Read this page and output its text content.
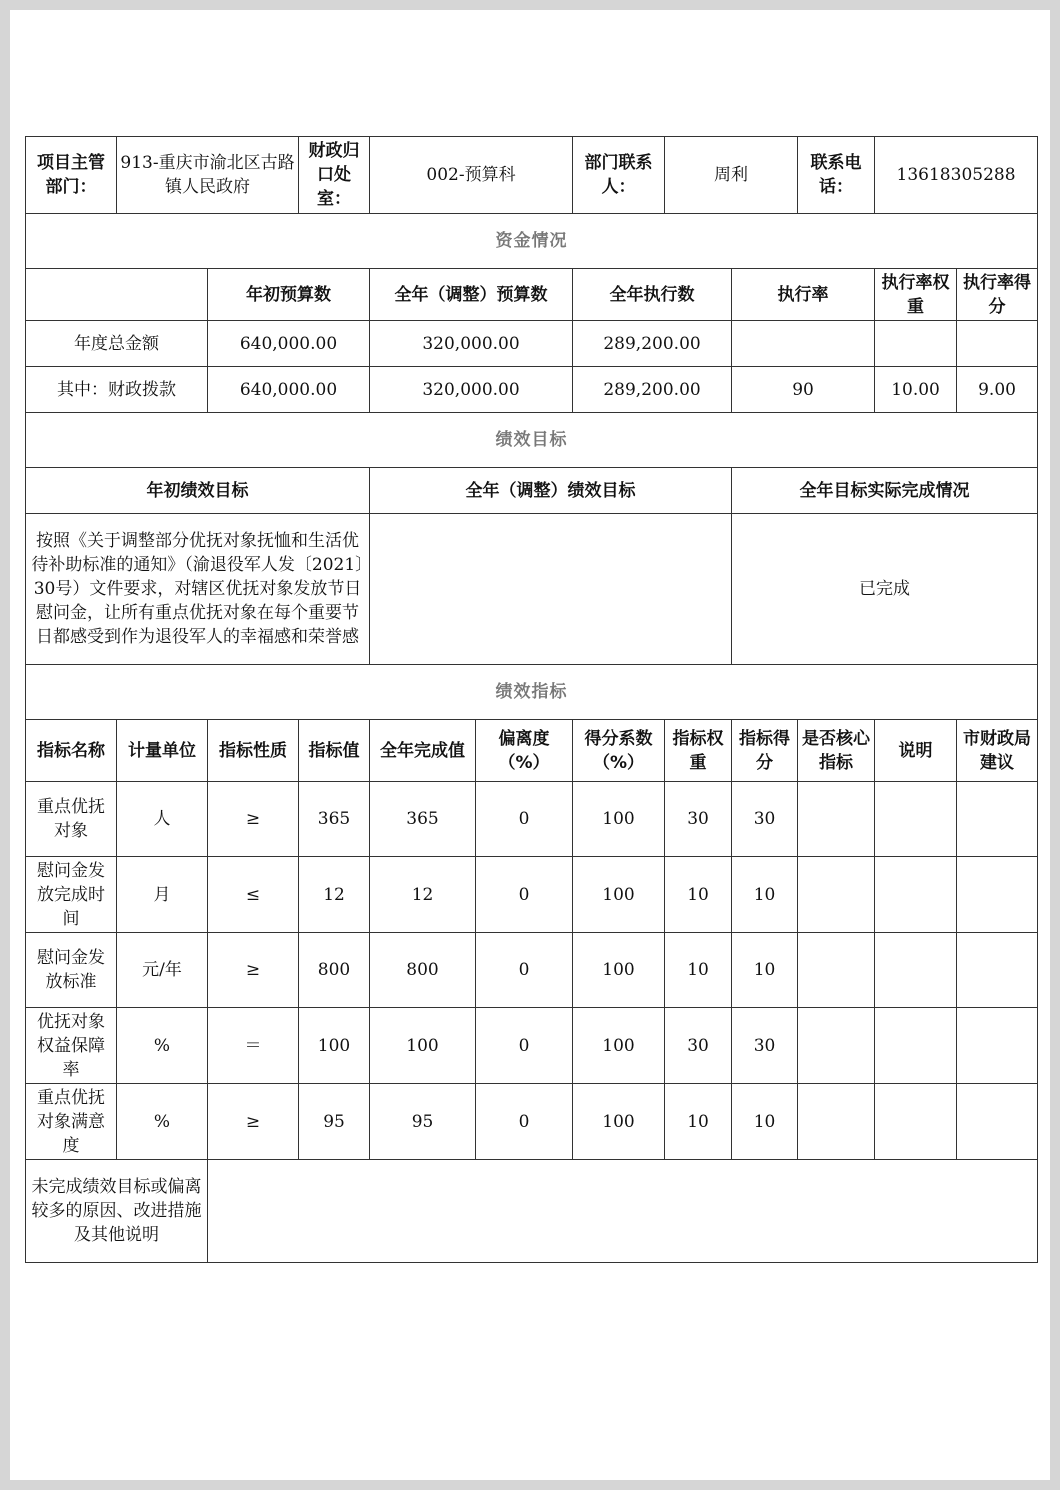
项目主管部门：	913-重庆市渝北区古路镇人民政府		财政归口处室：	002-预算科		部门联系人：	周利		联系电话：	13618305288	
资金情况											
		年初预算数		全年（调整）预算数		全年执行数		执行率		执行率权重	执行率得分
年度总金额		640,000.00		320,000.00		289,200.00					
其中：财政拨款		640,000.00		320,000.00		289,200.00		90		10.00	9.00
绩效目标											
年初绩效目标				全年（调整）绩效目标				全年目标实际完成情况			
按照《关于调整部分优抚对象抚恤和生活优待补助标准的通知》（渝退役军人发〔2021〕30号）文件要求，对辖区优抚对象发放节日慰问金，让所有重点优抚对象在每个重要节日都感受到作为退役军人的幸福感和荣誉感								已完成			
绩效指标											
指标名称	计量单位	指标性质	指标值	全年完成值	偏离度（%）	得分系数（%）	指标权重	指标得分	是否核心指标	说明	市财政局建议
重点优抚对象	人	≥	365	365	0	100	30	30			
慰问金发放完成时间	月	≤	12	12	0	100	10	10			
慰问金发放标准	元/年	≥	800	800	0	100	10	10			
优抚对象权益保障率	%	＝	100	100	0	100	30	30			
重点优抚对象满意度	%	≥	95	95	0	100	10	10			
未完成绩效目标或偏离较多的原因、改进措施及其他说明											
